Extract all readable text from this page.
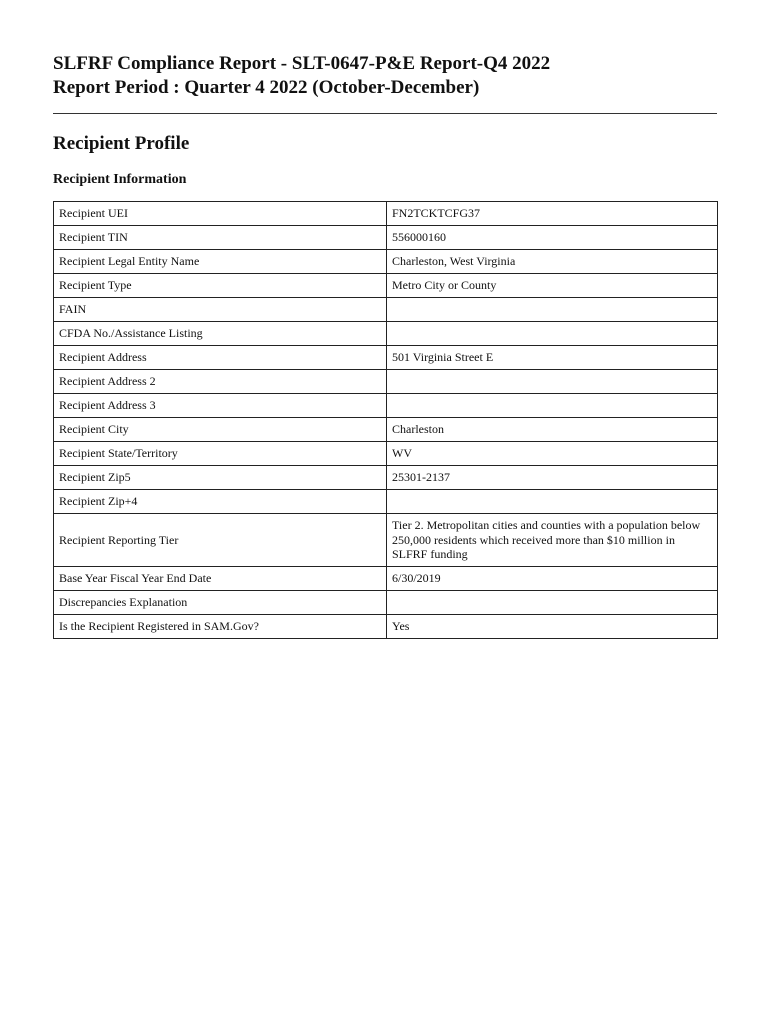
SLFRF Compliance Report - SLT-0647-P&E Report-Q4 2022
Report Period : Quarter 4 2022 (October-December)
Recipient Profile
Recipient Information
Recipient UEI	FN2TCKTCFG37
Recipient TIN	556000160
Recipient Legal Entity Name	Charleston, West Virginia
Recipient Type	Metro City or County
FAIN	
CFDA No./Assistance Listing	
Recipient Address	501 Virginia Street E
Recipient Address 2	
Recipient Address 3	
Recipient City	Charleston
Recipient State/Territory	WV
Recipient Zip5	25301-2137
Recipient Zip+4	
Recipient Reporting Tier	Tier 2. Metropolitan cities and counties with a population below 250,000 residents which received more than $10 million in SLFRF funding
Base Year Fiscal Year End Date	6/30/2019
Discrepancies Explanation	
Is the Recipient Registered in SAM.Gov?	Yes
